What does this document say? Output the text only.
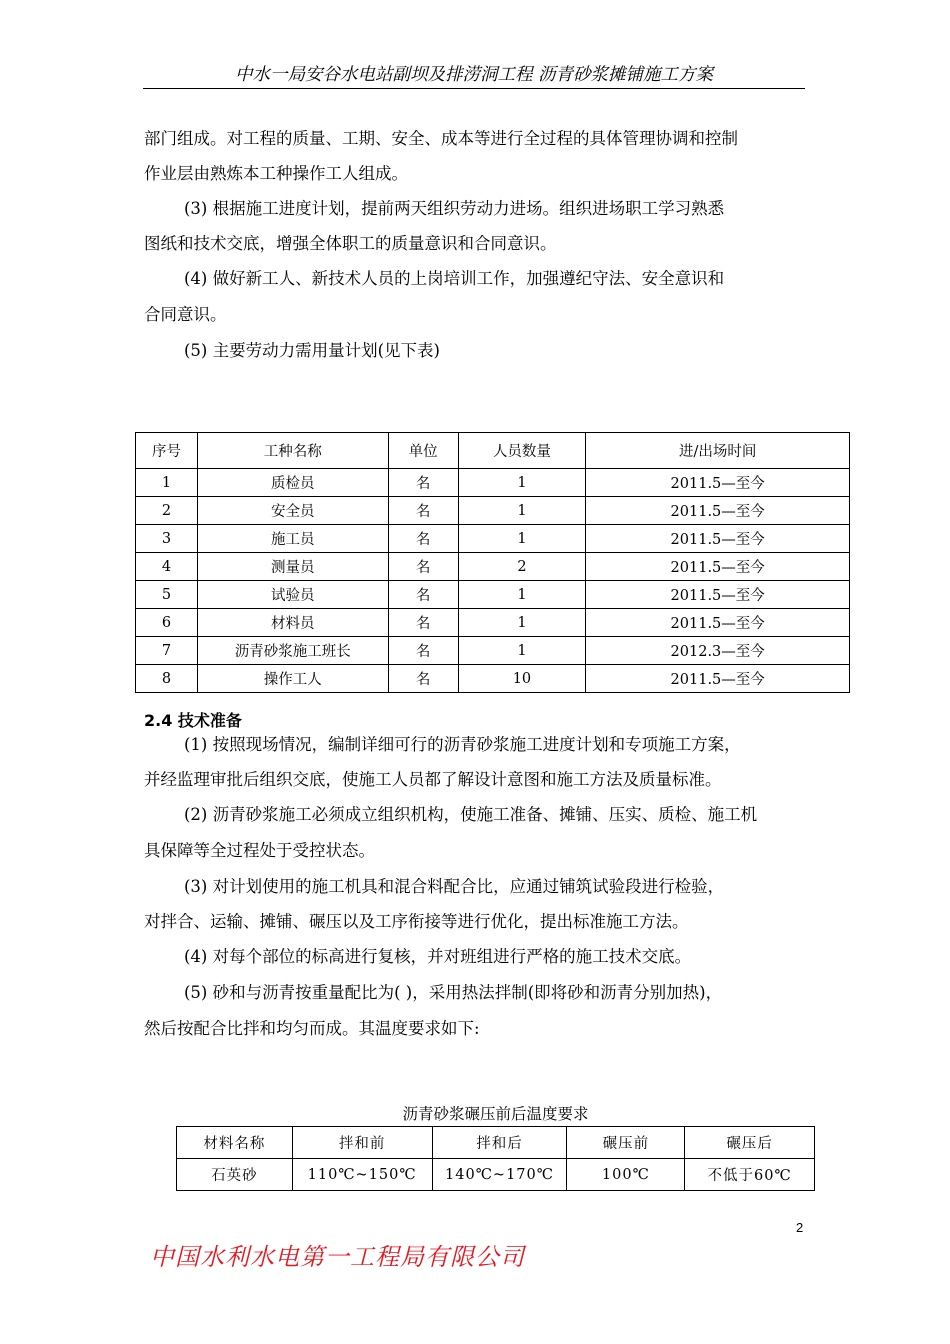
中水一局安谷水电站副坝及排涝洞工程 沥青砂浆摊铺施工方案
部门组成。对工程的质量、工期、安全、成本等进行全过程的具体管理协调和控制
作业层由熟炼本工种操作工人组成。
(3) 根据施工进度计划，提前两天组织劳动力进场。组织进场职工学习熟悉
图纸和技术交底，增强全体职工的质量意识和合同意识。
(4) 做好新工人、新技术人员的上岗培训工作，加强遵纪守法、安全意识和
合同意识。
(5) 主要劳动力需用量计划(见下表)
序号	工种名称	单位	人员数量	进/出场时间
1	质检员	名	1	2011.5—至今
2	安全员	名	1	2011.5—至今
3	施工员	名	1	2011.5—至今
4	测量员	名	2	2011.5—至今
5	试验员	名	1	2011.5—至今
6	材料员	名	1	2011.5—至今
7	沥青砂浆施工班长	名	1	2012.3—至今
8	操作工人	名	10	2011.5—至今
2.4 技术准备
(1) 按照现场情况，编制详细可行的沥青砂浆施工进度计划和专项施工方案，
并经监理审批后组织交底，使施工人员都了解设计意图和施工方法及质量标准。
(2) 沥青砂浆施工必须成立组织机构，使施工准备、摊铺、压实、质检、施工机
具保障等全过程处于受控状态。
(3) 对计划使用的施工机具和混合料配合比，应通过铺筑试验段进行检验，
对拌合、运输、摊铺、碾压以及工序衔接等进行优化，提出标准施工方法。
(4) 对每个部位的标高进行复核，并对班组进行严格的施工技术交底。
(5) 砂和与沥青按重量配比为( )，采用热法拌制(即将砂和沥青分别加热)，
然后按配合比拌和均匀而成。其温度要求如下:
沥青砂浆碾压前后温度要求
材料名称	拌和前	拌和后	碾压前	碾压后
石英砂	110℃~150℃	140℃~170℃	100℃	不低于60℃
2
中国水利水电第一工程局有限公司
